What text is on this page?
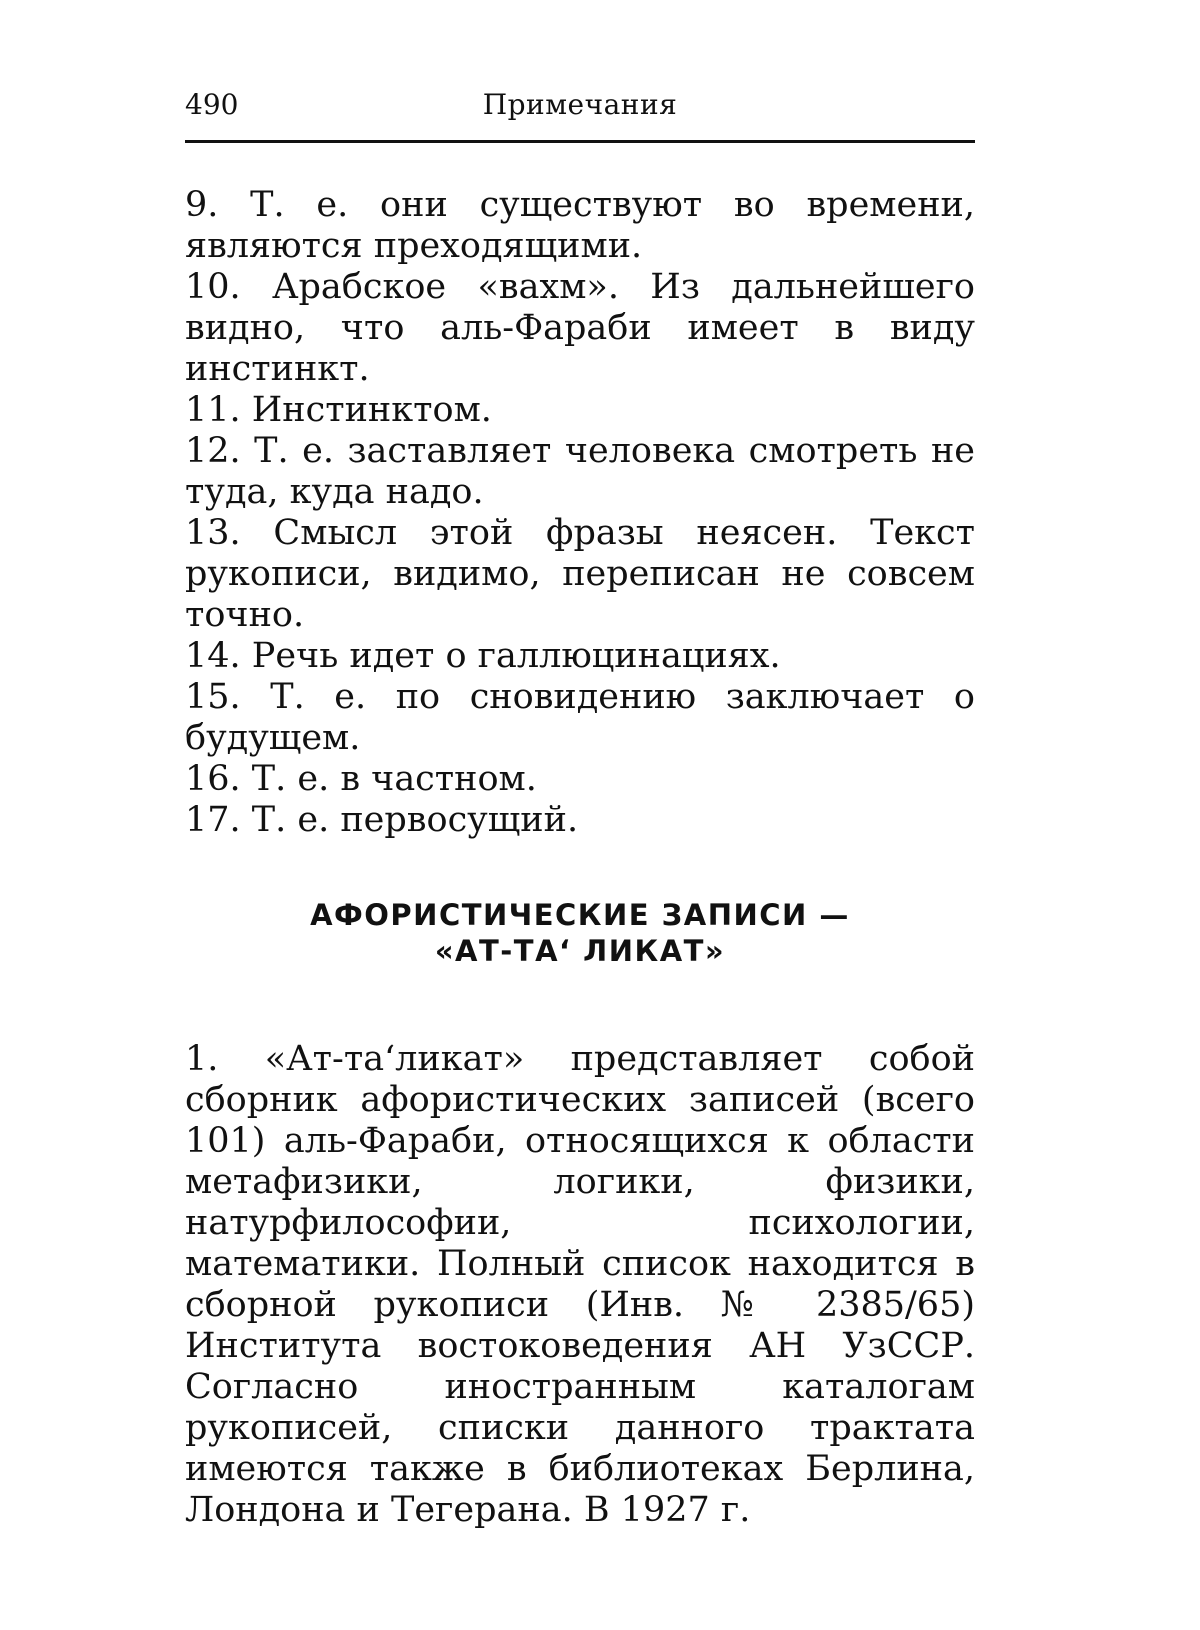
490	Примечания

9. Т. е. они существуют во времени, являются преходящими.

10. Арабское «вахм». Из дальнейшего видно, что аль-Фараби имеет в виду инстинкт.

11. Инстинктом.

12. Т. е. заставляет человека смотреть не туда, куда надо.

13. Смысл этой фразы неясен. Текст рукописи, видимо, переписан не совсем точно.

14. Речь идет о галлюцинациях.

15. Т. е. по сновидению заключает о будущем.

16. Т. е. в частном.

17. Т. е. первосущий.

АФОРИСТИЧЕСКИЕ ЗАПИСИ —
«АТ-ТА‘ ЛИКАТ»

1. «Ат-та‘ликат» представляет собой сборник афористических записей (всего 101) аль-Фараби, относящихся к области метафизики, логики, физики, натурфилософии, психологии, математики. Полный список находится в сборной рукописи (Инв. № 2385/65) Института востоковедения АН УзССР. Согласно иностранным каталогам рукописей, списки данного трактата имеются также в библиотеках Берлина, Лондона и Тегерана. В 1927 г.
